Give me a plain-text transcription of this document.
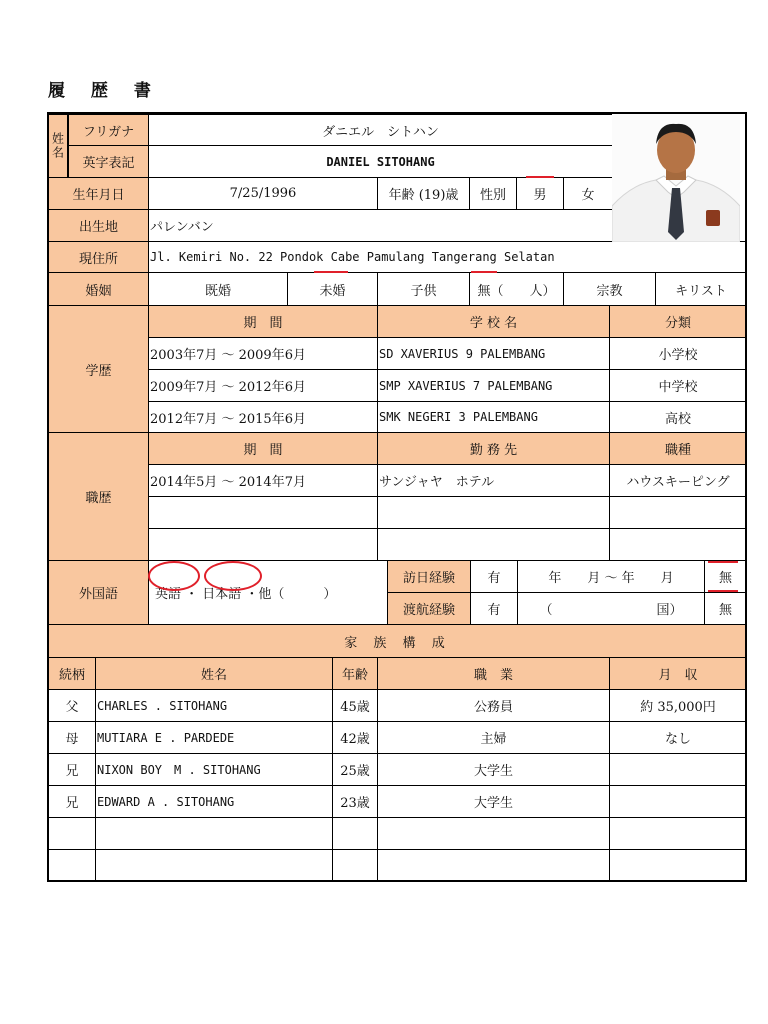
履 歴 書
姓名	フリガナ	ダニエル　シトハン
英字表記	DANIEL SITOHANG
生年月日	7/25/1996	年齢 (19)歳	性別	男	女
出生地	パレンバン
現住所	Jl. Kemiri No. 22 Pondok Cabe Pamulang Tangerang Selatan
婚姻	既婚	未婚	子供	無（　　人）	宗教	キリスト
学歴
期　間	学 校 名	分類
2003年7月 ～ 2009年6月	SD XAVERIUS 9 PALEMBANG	小学校
2009年7月 ～ 2012年6月	SMP XAVERIUS 7 PALEMBANG	中学校
2012年7月 ～ 2015年6月	SMK NEGERI 3 PALEMBANG	高校
職歴
期　間	勤 務 先	職種
2014年5月 ～ 2014年7月	サンジャヤ　ホテル	ハウスキーピング
外国語	英語 ・ 日本語 ・他（　　　）
訪日経験	有	年　　月 ～ 年　　月	無
渡航経験	有	（　　　　　　　　国）	無
家 族 構 成
続柄	姓名	年齢	職　業	月　収
父	CHARLES . SITOHANG	45歳	公務員	約 35,000円
母	MUTIARA E . PARDEDE	42歳	主婦	なし
兄	NIXON BOY　M . SITOHANG	25歳	大学生
兄	EDWARD A . SITOHANG	23歳	大学生
